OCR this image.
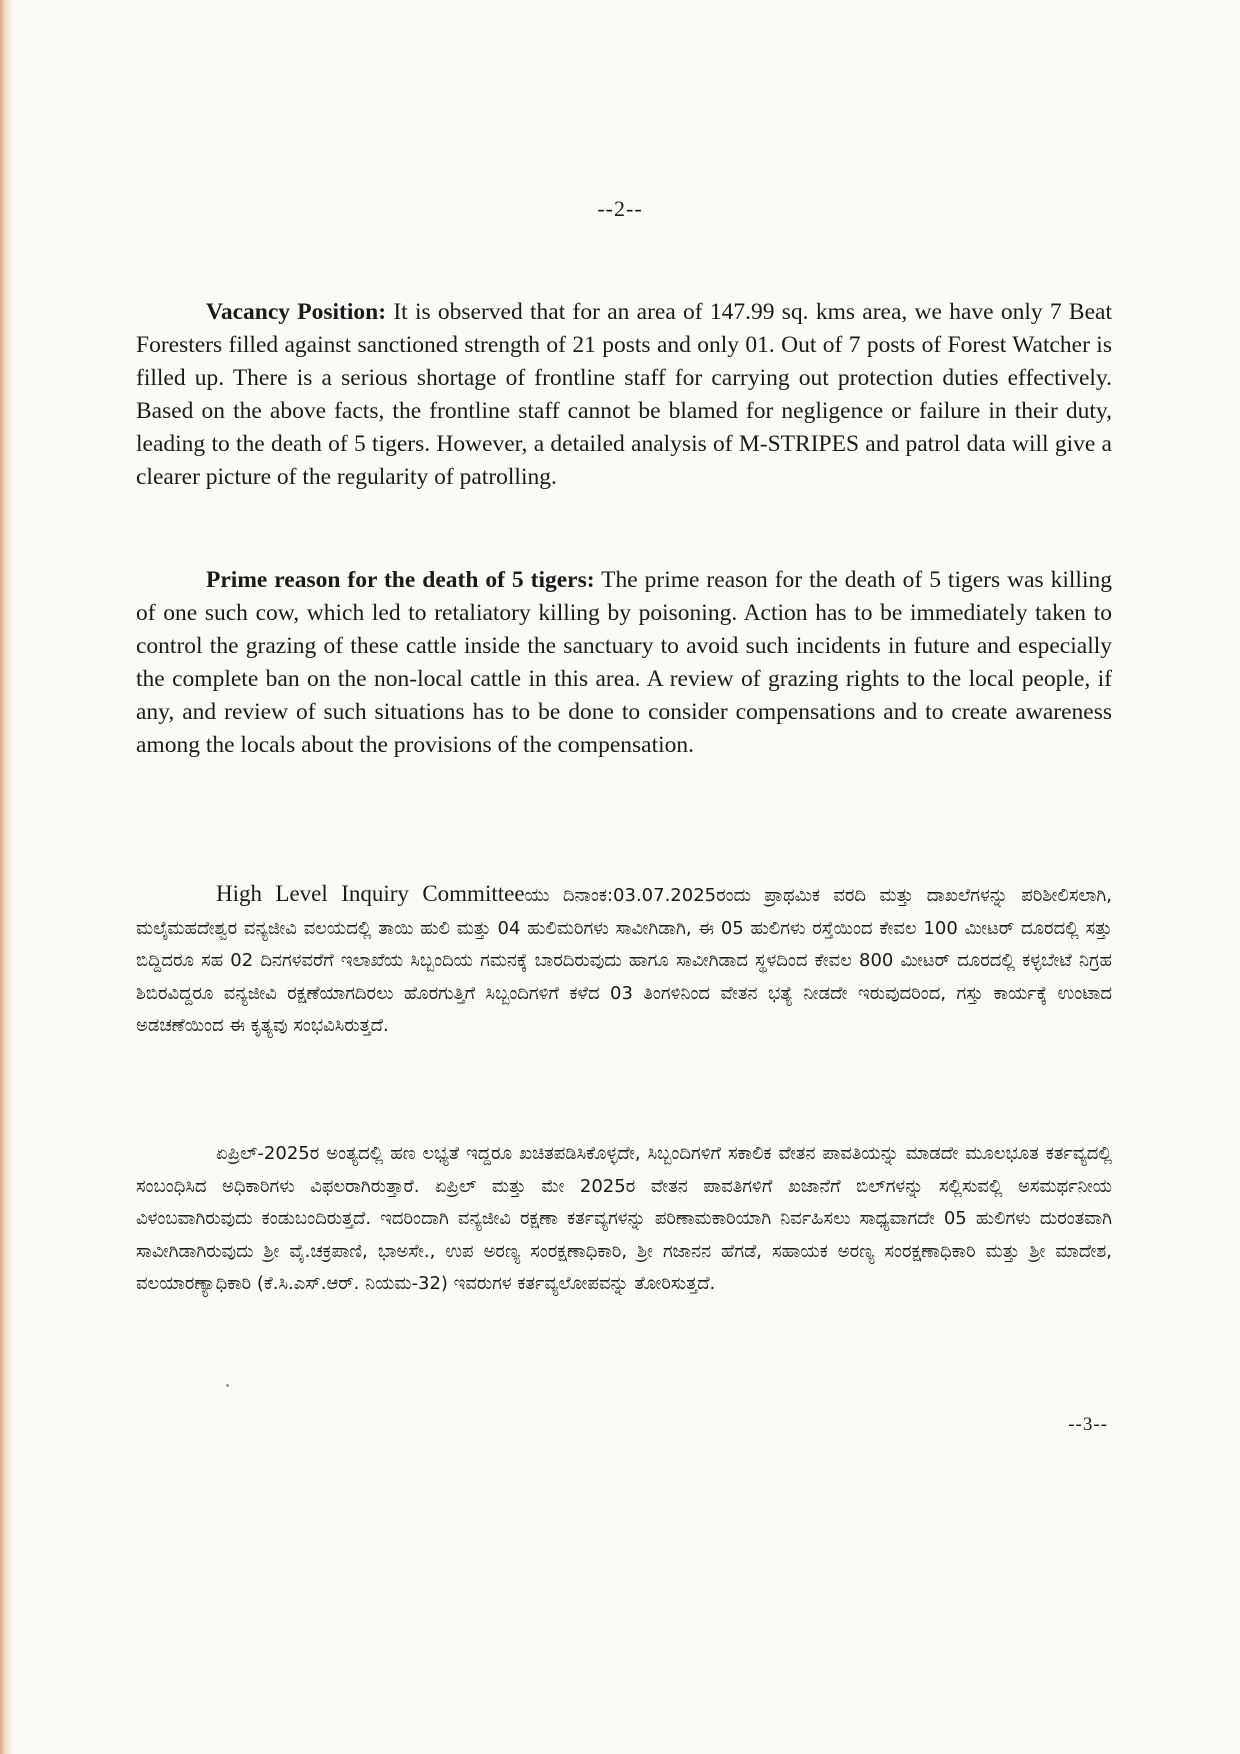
--2--

Vacancy Position: It is observed that for an area of 147.99 sq. kms area, we have only 7 Beat Foresters filled against sanctioned strength of 21 posts and only 01. Out of 7 posts of Forest Watcher is filled up. There is a serious shortage of frontline staff for carrying out protection duties effectively. Based on the above facts, the frontline staff cannot be blamed for negligence or failure in their duty, leading to the death of 5 tigers. However, a detailed analysis of M-STRIPES and patrol data will give a clearer picture of the regularity of patrolling.

Prime reason for the death of 5 tigers: The prime reason for the death of 5 tigers was killing of one such cow, which led to retaliatory killing by poisoning. Action has to be immediately taken to control the grazing of these cattle inside the sanctuary to avoid such incidents in future and especially the complete ban on the non-local cattle in this area. A review of grazing rights to the local people, if any, and review of such situations has to be done to consider compensations and to create awareness among the locals about the provisions of the compensation.

High Level Inquiry Committeeಯು ದಿನಾಂಕ:03.07.2025ರಂದು ಪ್ರಾಥಮಿಕ ವರದಿ ಮತ್ತು ದಾಖಲೆಗಳನ್ನು ಪರಿಶೀಲಿಸಲಾಗಿ, ಮಲೈಮಹದೇಶ್ವರ ವನ್ಯಜೀವಿ ವಲಯದಲ್ಲಿ ತಾಯಿ ಹುಲಿ ಮತ್ತು 04 ಹುಲಿಮರಿಗಳು ಸಾವೀಗಿಡಾಗಿ, ಈ 05 ಹುಲಿಗಳು ರಸ್ತೆಯಿಂದ ಕೇವಲ 100 ಮೀಟರ್ ದೂರದಲ್ಲಿ ಸತ್ತು ಬಿದ್ದಿದರೂ ಸಹ 02 ದಿನಗಳವರೆಗೆ ಇಲಾಖೆಯ ಸಿಬ್ಬಂದಿಯ ಗಮನಕ್ಕೆ ಬಾರದಿರುವುದು ಹಾಗೂ ಸಾವೀಗಿಡಾದ ಸ್ಥಳದಿಂದ ಕೇವಲ 800 ಮೀಟರ್ ದೂರದಲ್ಲಿ ಕಳ್ಳಬೇಟೆ ನಿಗ್ರಹ ಶಿಬಿರವಿದ್ದರೂ ವನ್ಯಜೀವಿ ರಕ್ಷಣೆಯಾಗದಿರಲು ಹೊರಗುತ್ತಿಗೆ ಸಿಬ್ಬಂದಿಗಳಿಗೆ ಕಳೆದ 03 ತಿಂಗಳಿನಿಂದ ವೇತನ ಭತ್ಯೆ ನೀಡದೇ ಇರುವುದರಿಂದ, ಗಸ್ತು ಕಾರ್ಯಕ್ಕೆ ಉಂಟಾದ ಅಡಚಣೆಯಿಂದ ಈ ಕೃತ್ಯವು ಸಂಭವಿಸಿರುತ್ತದೆ.

ಏಪ್ರಿಲ್-2025ರ ಅಂತ್ಯದಲ್ಲಿ ಹಣ ಲಭ್ಯತೆ ಇದ್ದರೂ ಖಚಿತಪಡಿಸಿಕೊಳ್ಳದೇ, ಸಿಬ್ಬಂದಿಗಳಿಗೆ ಸಕಾಲಿಕ ವೇತನ ಪಾವತಿಯನ್ನು ಮಾಡದೇ ಮೂಲಭೂತ ಕರ್ತವ್ಯದಲ್ಲಿ ಸಂಬಂಧಿಸಿದ ಅಧಿಕಾರಿಗಳು ವಿಫಲರಾಗಿರುತ್ತಾರೆ. ಏಪ್ರಿಲ್ ಮತ್ತು ಮೇ 2025ರ ವೇತನ ಪಾವತಿಗಳಿಗೆ ಖಜಾನೆಗೆ ಬಿಲ್‌ಗಳನ್ನು ಸಲ್ಲಿಸುವಲ್ಲಿ ಅಸಮರ್ಥನೀಯ ವಿಳಂಬವಾಗಿರುವುದು ಕಂಡುಬಂದಿರುತ್ತದೆ. ಇದರಿಂದಾಗಿ ವನ್ಯಜೀವಿ ರಕ್ಷಣಾ ಕರ್ತವ್ಯಗಳನ್ನು ಪರಿಣಾಮಕಾರಿಯಾಗಿ ನಿರ್ವಹಿಸಲು ಸಾಧ್ಯವಾಗದೇ 05 ಹುಲಿಗಳು ದುರಂತವಾಗಿ ಸಾವೀಗಿಡಾಗಿರುವುದು ಶ್ರೀ ವೈ.ಚಕ್ರಪಾಣಿ, ಭಾಅಸೇ., ಉಪ ಅರಣ್ಯ ಸಂರಕ್ಷಣಾಧಿಕಾರಿ, ಶ್ರೀ ಗಜಾನನ ಹೆಗಡೆ, ಸಹಾಯಕ ಅರಣ್ಯ ಸಂರಕ್ಷಣಾಧಿಕಾರಿ ಮತ್ತು ಶ್ರೀ ಮಾದೇಶ, ವಲಯಾರಣ್ಯಾಧಿಕಾರಿ (ಕೆ.ಸಿ.ಎಸ್.ಆರ್. ನಿಯಮ-32) ಇವರುಗಳ ಕರ್ತವ್ಯಲೋಪವನ್ನು ತೋರಿಸುತ್ತದೆ.

--3--
